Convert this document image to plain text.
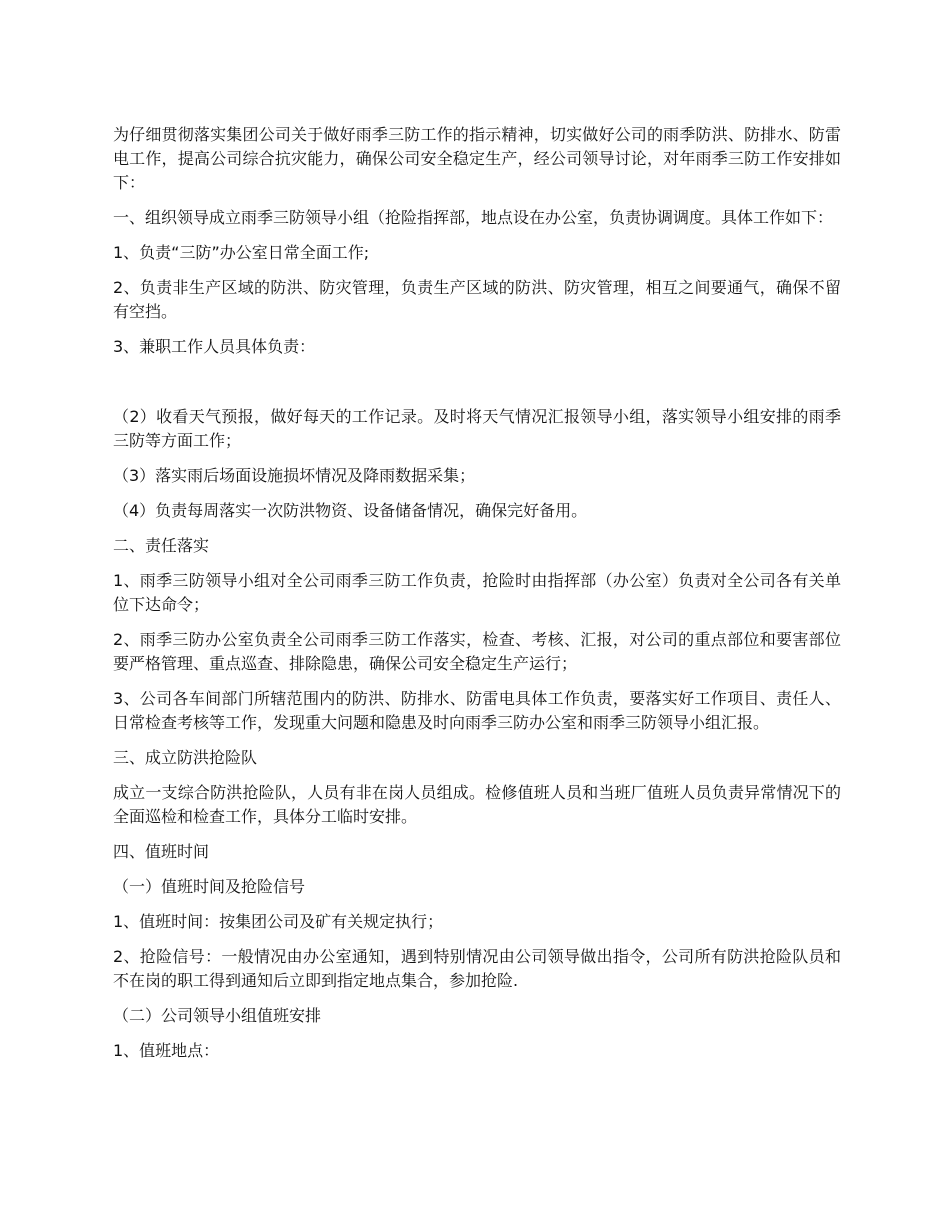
为仔细贯彻落实集团公司关于做好雨季三防工作的指示精神，切实做好公司的雨季防洪、防排水、防雷电工作，提高公司综合抗灾能力，确保公司安全稳定生产，经公司领导讨论，对年雨季三防工作安排如下：

一、组织领导成立雨季三防领导小组（抢险指挥部，地点设在办公室，负责协调调度。具体工作如下：

1、负责“三防”办公室日常全面工作;

2、负责非生产区域的防洪、防灾管理，负责生产区域的防洪、防灾管理，相互之间要通气，确保不留有空挡。

3、兼职工作人员具体负责：

（2）收看天气预报，做好每天的工作记录。及时将天气情况汇报领导小组，落实领导小组安排的雨季三防等方面工作；

（3）落实雨后场面设施损坏情况及降雨数据采集；

（4）负责每周落实一次防洪物资、设备储备情况，确保完好备用。

二、责任落实

1、雨季三防领导小组对全公司雨季三防工作负责，抢险时由指挥部（办公室）负责对全公司各有关单位下达命令；

2、雨季三防办公室负责全公司雨季三防工作落实，检查、考核、汇报，对公司的重点部位和要害部位要严格管理、重点巡查、排除隐患，确保公司安全稳定生产运行；

3、公司各车间部门所辖范围内的防洪、防排水、防雷电具体工作负责，要落实好工作项目、责任人、日常检查考核等工作，发现重大问题和隐患及时向雨季三防办公室和雨季三防领导小组汇报。

三、成立防洪抢险队

成立一支综合防洪抢险队，人员有非在岗人员组成。检修值班人员和当班厂值班人员负责异常情况下的全面巡检和检查工作，具体分工临时安排。

四、值班时间

（一）值班时间及抢险信号

1、值班时间：按集团公司及矿有关规定执行；

2、抢险信号：一般情况由办公室通知，遇到特别情况由公司领导做出指令，公司所有防洪抢险队员和不在岗的职工得到通知后立即到指定地点集合，参加抢险.

（二）公司领导小组值班安排

1、值班地点：
